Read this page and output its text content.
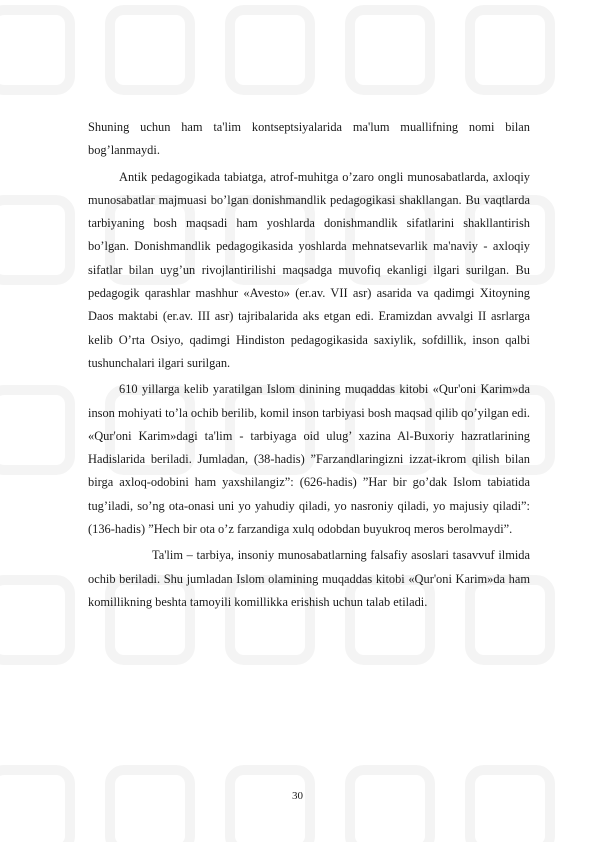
Shuning uchun ham ta'lim kontseptsiyalarida ma'lum muallifning nomi bilan bog’lanmaydi.

Antik pedagogikada tabiatga, atrof-muhitga o’zaro ongli munosabatlarda, axloqiy munosabatlar majmuasi bo’lgan donishmandlik pedagogikasi shakllangan. Bu vaqtlarda tarbiyaning bosh maqsadi ham yoshlarda donishmandlik sifatlarini shakllantirish bo’lgan. Donishmandlik pedagogikasida yoshlarda mehnatsevarlik ma'naviy - axloqiy sifatlar bilan uyg’un rivojlantirilishi maqsadga muvofiq ekanligi ilgari surilgan. Bu pedagogik qarashlar mashhur «Avesto» (er.av. VII asr) asarida va qadimgi Xitoyning Daos maktabi (er.av. III asr) tajribalarida aks etgan edi. Eramizdan avvalgi II asrlarga kelib O’rta Osiyo, qadimgi Hindiston pedagogikasida saxiylik, sofdillik, inson qalbi tushunchalari ilgari surilgan.

610 yillarga kelib yaratilgan Islom dinining muqaddas kitobi «Qur'oni Karim»da inson mohiyati to’la ochib berilib, komil inson tarbiyasi bosh maqsad qilib qo’yilgan edi. «Qur'oni Karim»dagi ta'lim - tarbiyaga oid ulug’ xazina Al-Buxoriy hazratlarining Hadislarida beriladi. Jumladan, (38-hadis) ”Farzandlaringizni izzat-ikrom qilish bilan birga axloq-odobini ham yaxshilangiz”: (626-hadis) ”Har bir go’dak Islom tabiatida tug’iladi, so’ng ota-onasi uni yo yahudiy qiladi, yo nasroniy qiladi, yo majusiy qiladi”: (136-hadis) ”Hech bir ota o’z farzandiga xulq odobdan buyukroq meros berolmaydi”.

Ta'lim – tarbiya, insoniy munosabatlarning falsafiy asoslari tasavvuf ilmida ochib beriladi. Shu jumladan Islom olamining muqaddas kitobi «Qur'oni Karim»da ham komillikning beshta tamoyili komillikka erishish uchun talab etiladi.

30
